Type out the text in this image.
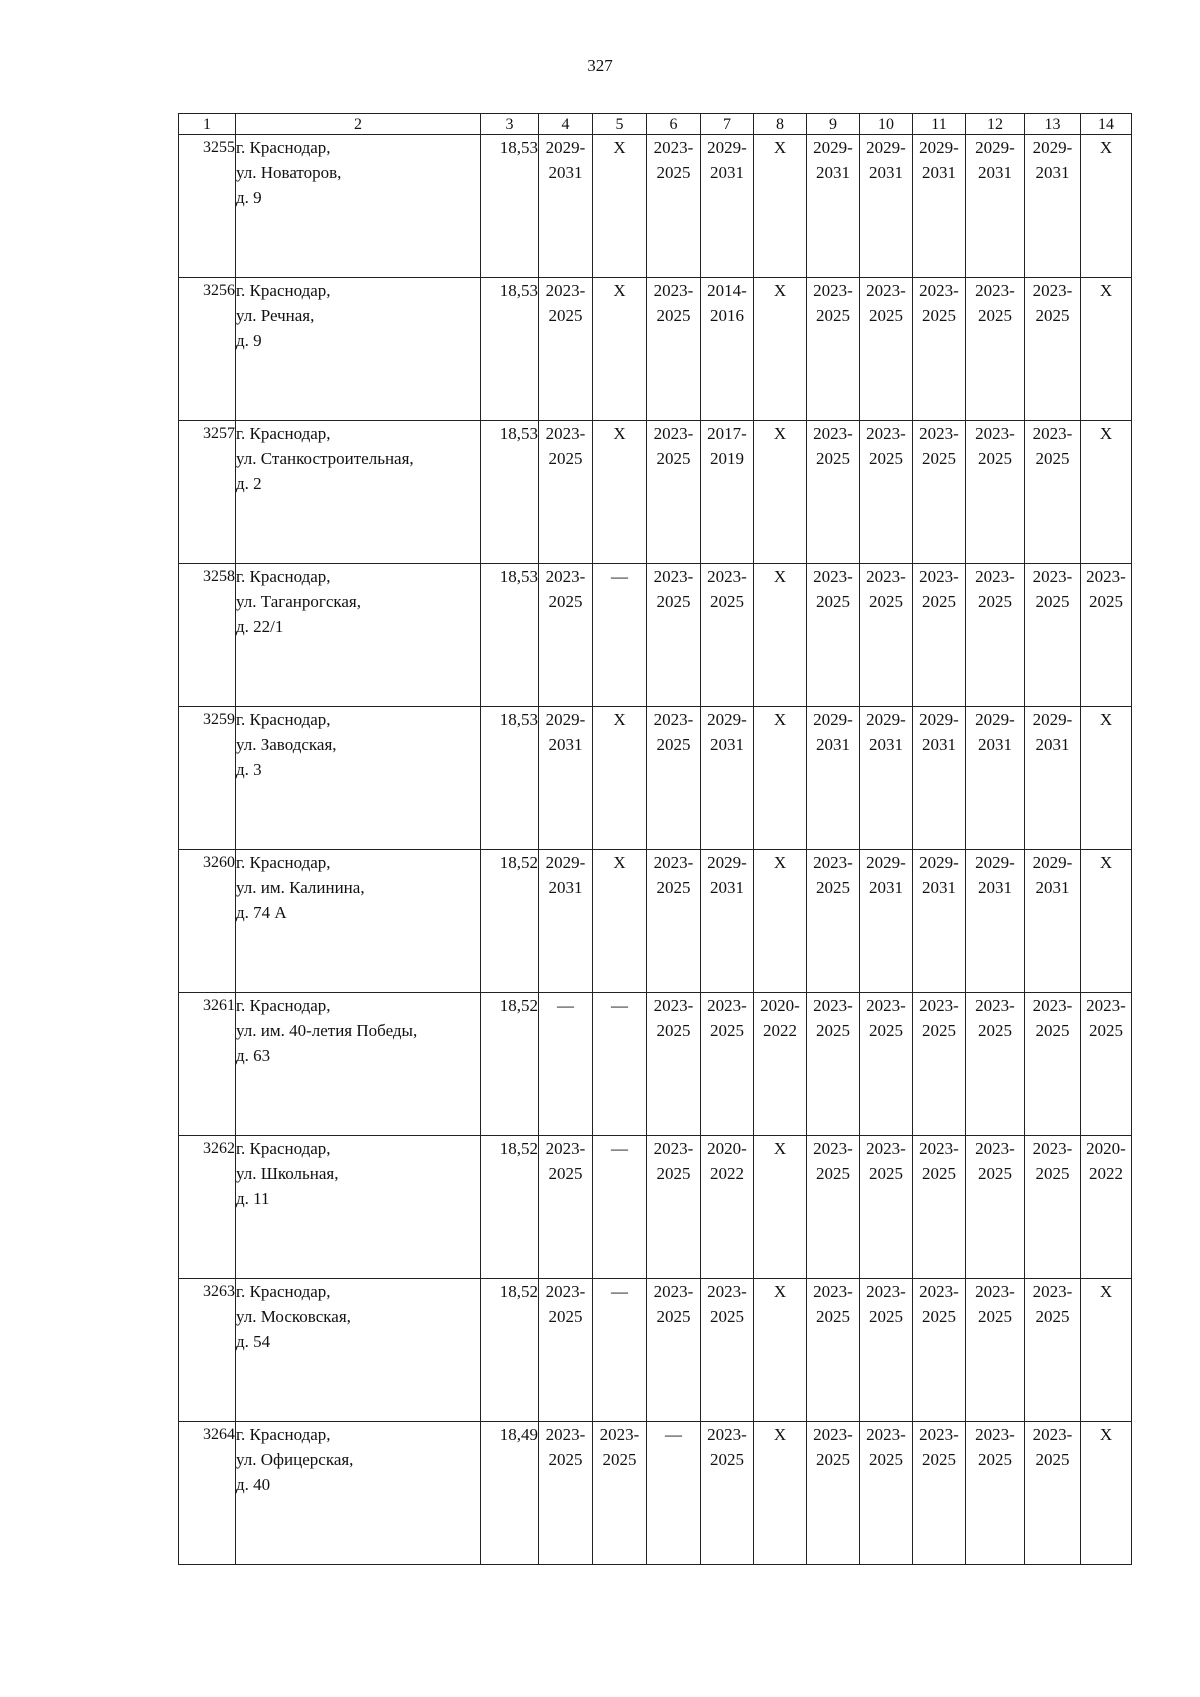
327
1	2	3	4	5	6	7	8	9	10	11	12	13	14
3255	г. Краснодар,
ул. Новаторов,
д. 9	18,53	2029-
2031	X	2023-
2025	2029-
2031	X	2029-
2031	2029-
2031	2029-
2031	2029-
2031	2029-
2031	X

3256	г. Краснодар,
ул. Речная,
д. 9	18,53	2023-
2025	X	2023-
2025	2014-
2016	X	2023-
2025	2023-
2025	2023-
2025	2023-
2025	2023-
2025	X

3257	г. Краснодар,
ул. Станкостроительная,
д. 2	18,53	2023-
2025	X	2023-
2025	2017-
2019	X	2023-
2025	2023-
2025	2023-
2025	2023-
2025	2023-
2025	X

3258	г. Краснодар,
ул. Таганрогская,
д. 22/1	18,53	2023-
2025	—	2023-
2025	2023-
2025	X	2023-
2025	2023-
2025	2023-
2025	2023-
2025	2023-
2025	2023-
2025

3259	г. Краснодар,
ул. Заводская,
д. 3	18,53	2029-
2031	X	2023-
2025	2029-
2031	X	2029-
2031	2029-
2031	2029-
2031	2029-
2031	2029-
2031	X

3260	г. Краснодар,
ул. им. Калинина,
д. 74 А	18,52	2029-
2031	X	2023-
2025	2029-
2031	X	2023-
2025	2029-
2031	2029-
2031	2029-
2031	2029-
2031	X

3261	г. Краснодар,
ул. им. 40-летия Победы,
д. 63	18,52	—	—	2023-
2025	2023-
2025	2020-
2022	2023-
2025	2023-
2025	2023-
2025	2023-
2025	2023-
2025	2023-
2025

3262	г. Краснодар,
ул. Школьная,
д. 11	18,52	2023-
2025	—	2023-
2025	2020-
2022	X	2023-
2025	2023-
2025	2023-
2025	2023-
2025	2023-
2025	2020-
2022

3263	г. Краснодар,
ул. Московская,
д. 54	18,52	2023-
2025	—	2023-
2025	2023-
2025	X	2023-
2025	2023-
2025	2023-
2025	2023-
2025	2023-
2025	X

3264	г. Краснодар,
ул. Офицерская,
д. 40	18,49	2023-
2025	2023-
2025	—	2023-
2025	X	2023-
2025	2023-
2025	2023-
2025	2023-
2025	2023-
2025	X
